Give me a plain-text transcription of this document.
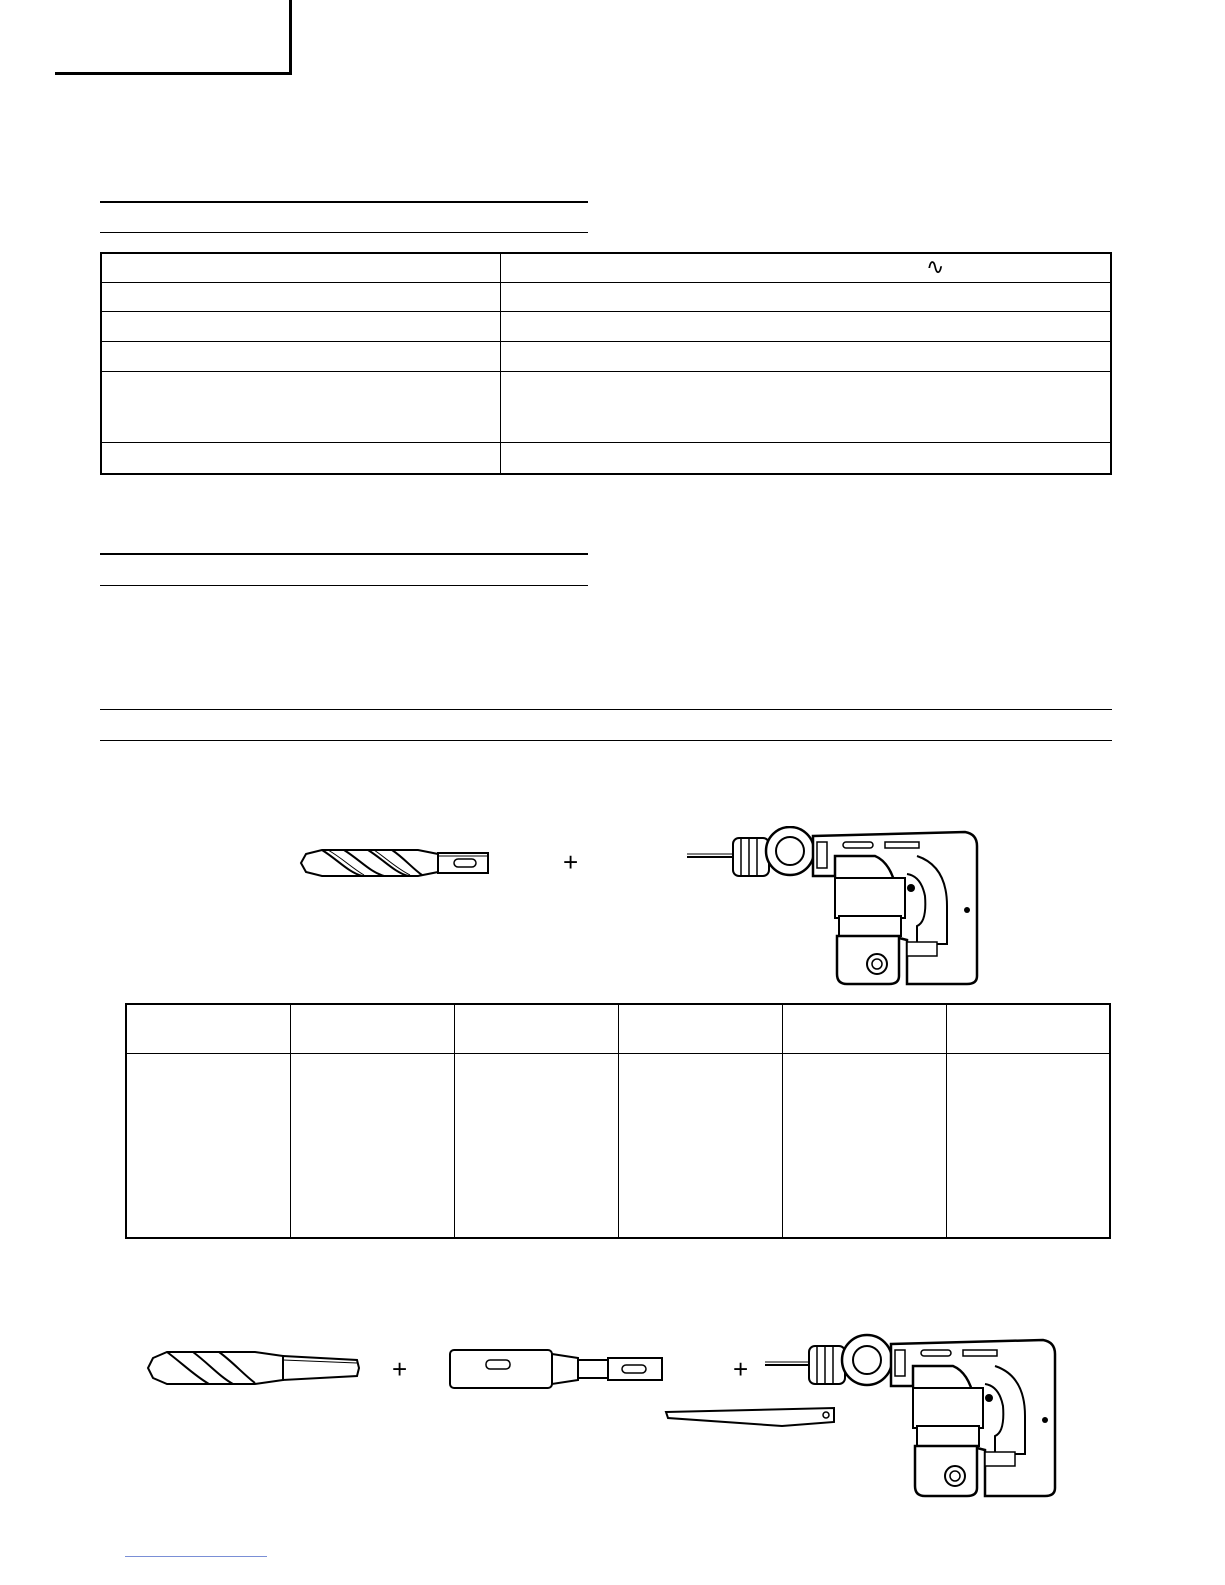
∿
+
+	+
